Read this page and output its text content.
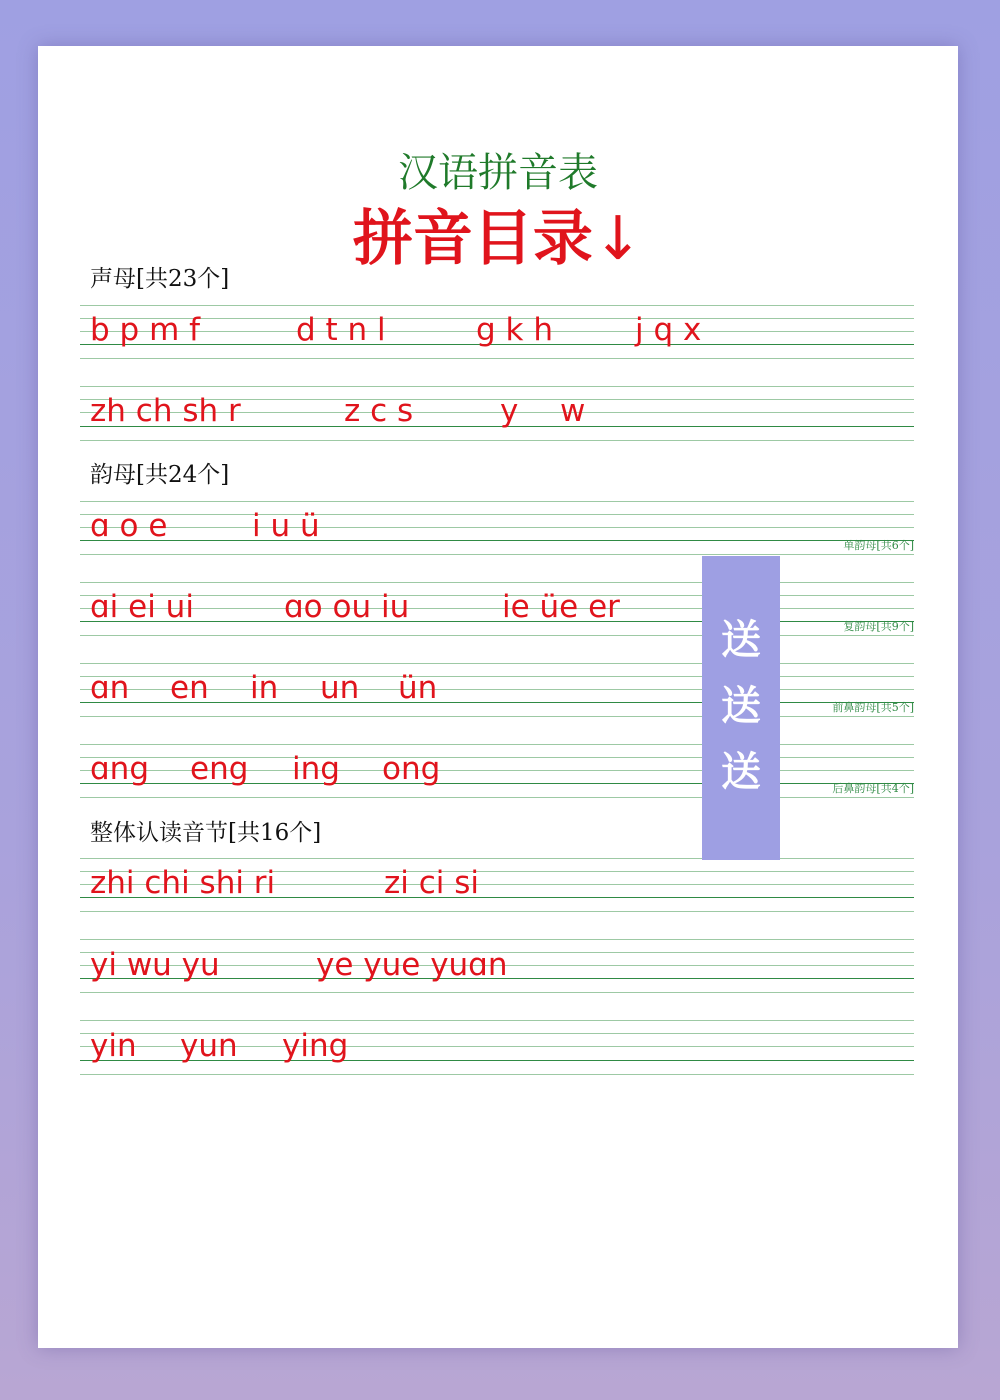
汉语拼音表
拼音目录↓
声母[共23个]

b p m f

	d t n l

	g k h

	j q x

zh ch sh r

	z c s

	y

w

韵母[共24个]

ɑ o e

	i u ü

单韵母[共6个]

ɑi ei ui

	ɑo ou iu

	ie üe er

复韵母[共9个]

ɑn

en

in

un

ün

前鼻韵母[共5个]

ɑng

eng

ing

ong

后鼻韵母[共4个]
整体认读音节[共16个]

zhi chi shi ri

	zi ci si

yi wu yu

	ye yue yuɑn

yin

yun

ying

送
送
送
